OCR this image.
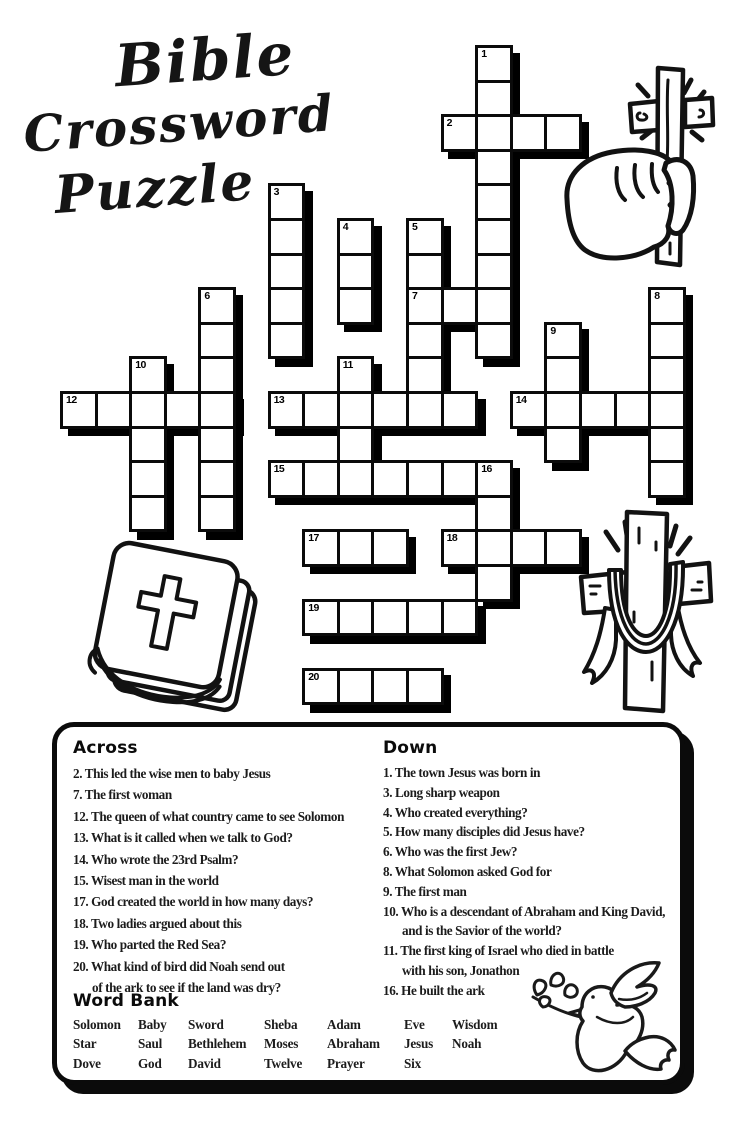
Bible
Crossword
Puzzle
1
2
3
4	5
6	7	8
9
10	11
12	13	14
15	16
17	18
19
20
Across
2. This led the wise men to baby Jesus
7. The first woman
12. The queen of what country came to see Solomon
13. What is it called when we talk to God?
14. Who wrote the 23rd Psalm?
15. Wisest man in the world
17. God created the world in how many days?
18. Two ladies argued about this
19. Who parted the Red Sea?
20. What kind of bird did Noah send out
of the ark to see if the land was dry?
Down
1. The town Jesus was born in
3. Long sharp weapon
4. Who created everything?
5. How many disciples did Jesus have?
6. Who was the first Jew?
8. What Solomon asked God for
9. The first man
10. Who is a descendant of Abraham and King David,
and is the Savior of the world?
11. The first king of Israel who died in battle
with his son, Jonathon
16. He built the ark
Word Bank
Solomon	Baby	Sword	Sheba	Adam	Eve	Wisdom
Star	Saul	Bethlehem	Moses	Abraham	Jesus	Noah
Dove	God	David	Twelve	Prayer	Six
